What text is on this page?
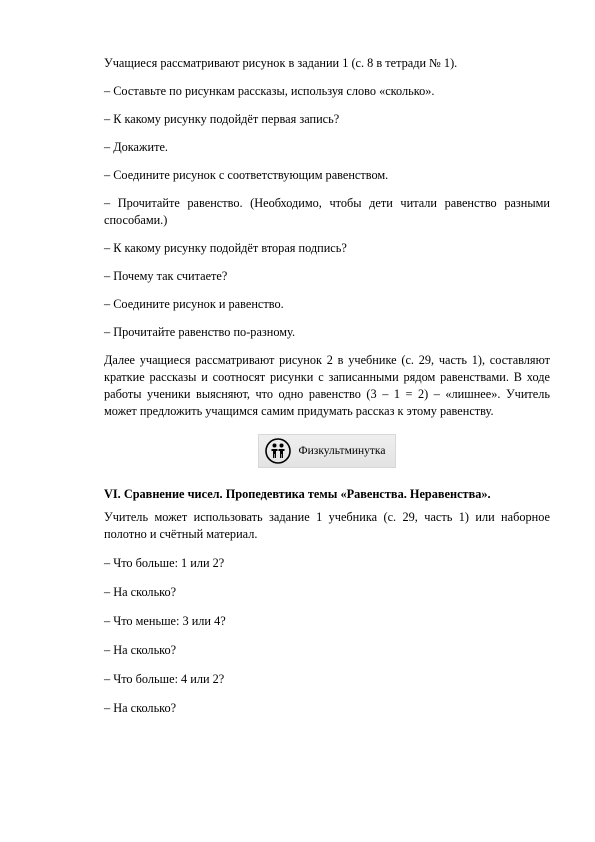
Учащиеся рассматривают рисунок в задании 1 (с. 8 в тетради № 1).

– Составьте по рисункам рассказы, используя слово «сколько».

– К какому рисунку подойдёт первая запись?

– Докажите.

– Соедините рисунок с соответствующим равенством.

– Прочитайте равенство. (Необходимо, чтобы дети читали равенство разными способами.)

– К какому рисунку подойдёт вторая подпись?

– Почему так считаете?

– Соедините рисунок и равенство.

– Прочитайте равенство по-разному.

Далее учащиеся рассматривают рисунок 2 в учебнике (с. 29, часть 1), составляют краткие рассказы и соотносят рисунки с записанными рядом равенствами. В ходе работы ученики выясняют, что одно равенство (3 – 1 = 2) – «лишнее». Учитель может предложить учащимся самим придумать рассказ к этому равенству.

Физкультминутка

VI. Сравнение чисел. Пропедевтика темы «Равенства. Неравенства».

Учитель может использовать задание 1 учебника (с. 29, часть 1) или наборное полотно и счётный материал.

– Что больше: 1 или 2?

– На сколько?

– Что меньше: 3 или 4?

– На сколько?

– Что больше: 4 или 2?

– На сколько?
